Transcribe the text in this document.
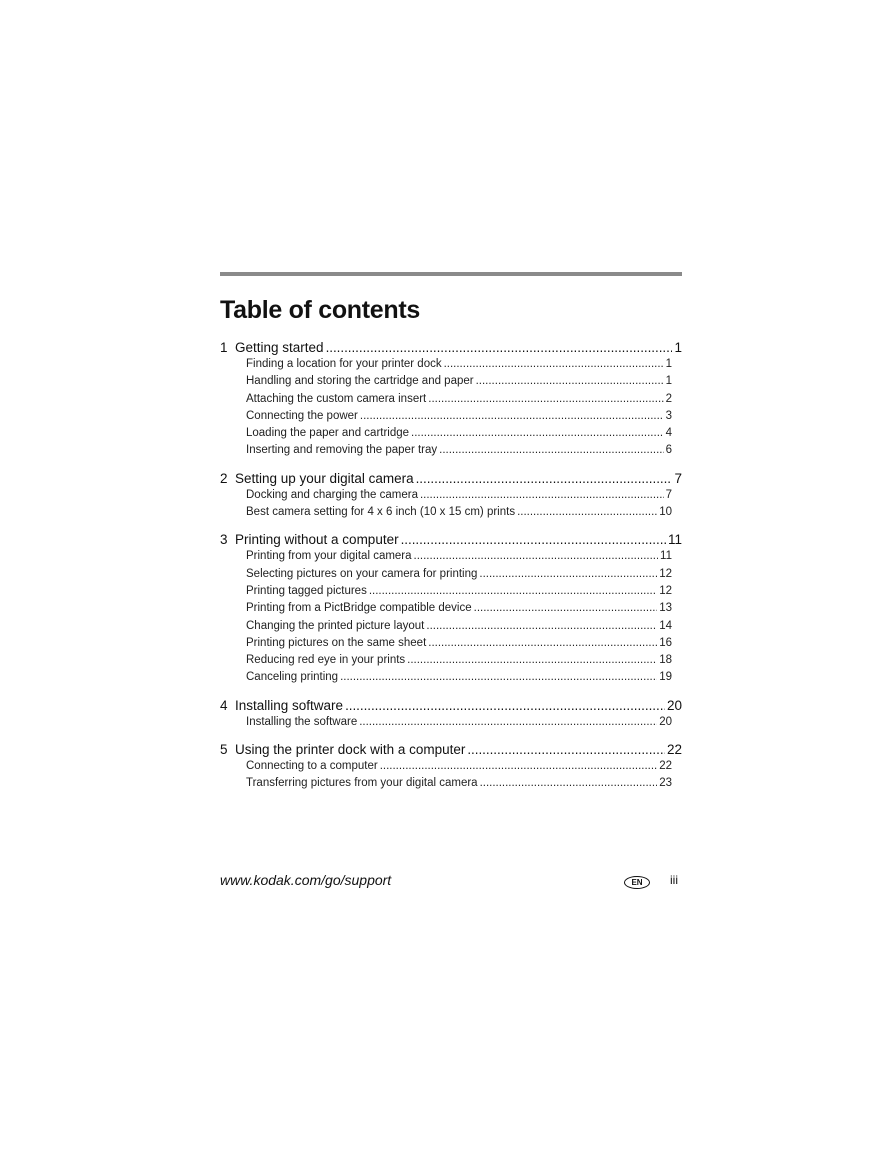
Table of contents
1 Getting started . . .	1
Finding a location for your printer dock . . .	1
Handling and storing the cartridge and paper . . .	1
Attaching the custom camera insert . . .	2
Connecting the power . . .	3
Loading the paper and cartridge . . .	4
Inserting and removing the paper tray . . .	6
2 Setting up your digital camera . . .	7
Docking and charging the camera . . .	7
Best camera setting for 4 x 6 inch (10 x 15 cm) prints . . .	10
3 Printing without a computer . . .	11
Printing from your digital camera . . .	11
Selecting pictures on your camera for printing . . .	12
Printing tagged pictures . . .	12
Printing from a PictBridge compatible device . . .	13
Changing the printed picture layout . . .	14
Printing pictures on the same sheet . . .	16
Reducing red eye in your prints . . .	18
Canceling printing . . .	19
4 Installing software . . .	20
Installing the software . . .	20
5 Using the printer dock with a computer . . .	22
Connecting to a computer . . .	22
Transferring pictures from your digital camera . . .	23
www.kodak.com/go/support	EN	iii
